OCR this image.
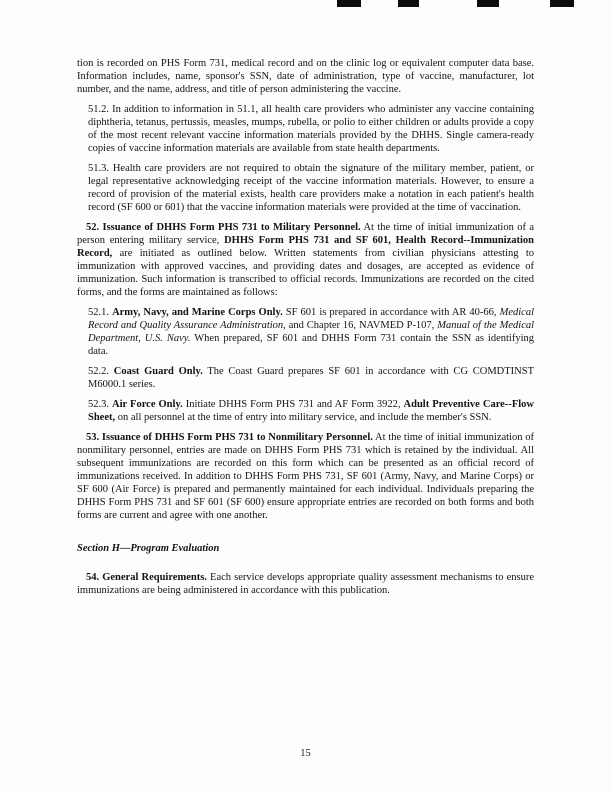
tion is recorded on PHS Form 731, medical record and on the clinic log or equivalent computer data base. Information includes, name, sponsor's SSN, date of administration, type of vaccine, manufacturer, lot number, and the name, address, and title of person administering the vaccine.

51.2. In addition to information in 51.1, all health care providers who administer any vaccine containing diphtheria, tetanus, pertussis, measles, mumps, rubella, or polio to either children or adults provide a copy of the most recent relevant vaccine information materials provided by the DHHS. Single camera-ready copies of vaccine information materials are available from state health departments.

51.3. Health care providers are not required to obtain the signature of the military member, patient, or legal representative acknowledging receipt of the vaccine information materials. However, to ensure a record of provision of the material exists, health care providers make a notation in each patient's health record (SF 600 or 601) that the vaccine information materials were provided at the time of vaccination.

52. Issuance of DHHS Form PHS 731 to Military Personnel. At the time of initial immunization of a person entering military service, DHHS Form PHS 731 and SF 601, Health Record--Immunization Record, are initiated as outlined below. Written statements from civilian physicians attesting to immunization with approved vaccines, and providing dates and dosages, are accepted as evidence of immunization. Such information is transcribed to official records. Immunizations are recorded on the cited forms, and the forms are maintained as follows:

52.1. Army, Navy, and Marine Corps Only. SF 601 is prepared in accordance with AR 40-66, Medical Record and Quality Assurance Administration, and Chapter 16, NAVMED P-107, Manual of the Medical Department, U.S. Navy. When prepared, SF 601 and DHHS Form 731 contain the SSN as identifying data.

52.2. Coast Guard Only. The Coast Guard prepares SF 601 in accordance with CG COMDTINST M6000.1 series.

52.3. Air Force Only. Initiate DHHS Form PHS 731 and AF Form 3922, Adult Preventive Care--Flow Sheet, on all personnel at the time of entry into military service, and include the member's SSN.

53. Issuance of DHHS Form PHS 731 to Nonmilitary Personnel. At the time of initial immunization of nonmilitary personnel, entries are made on DHHS Form PHS 731 which is retained by the individual. All subsequent immunizations are recorded on this form which can be presented as an official record of immunizations received. In addition to DHHS Form PHS 731, SF 601 (Army, Navy, and Marine Corps) or SF 600 (Air Force) is prepared and permanently maintained for each individual. Individuals preparing the DHHS Form PHS 731 and SF 601 (SF 600) ensure appropriate entries are recorded on both forms and both forms are current and agree with one another.

Section H—Program Evaluation

54. General Requirements. Each service develops appropriate quality assessment mechanisms to ensure immunizations are being administered in accordance with this publication.

15
